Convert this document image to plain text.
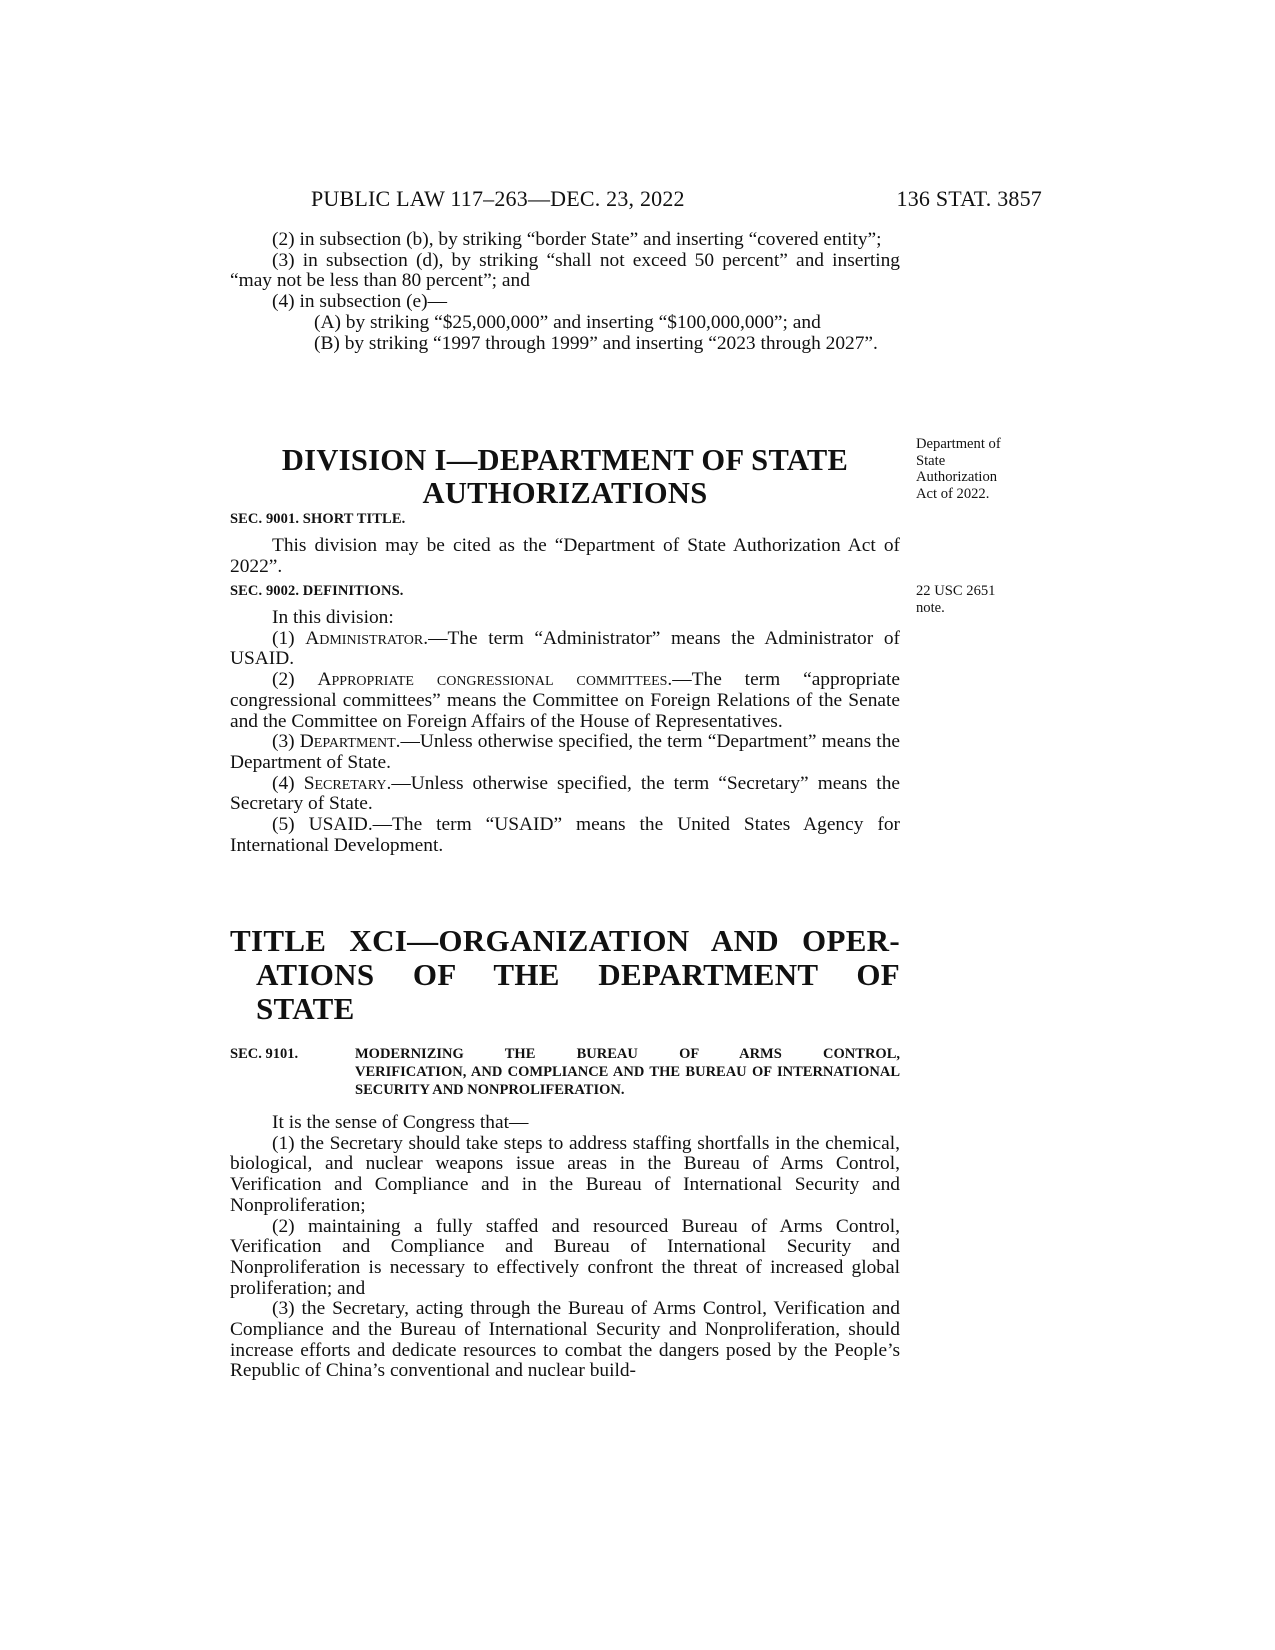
PUBLIC LAW 117–263—DEC. 23, 2022	136 STAT. 3857

(2) in subsection (b), by striking “border State” and inserting “covered entity”;

(3) in subsection (d), by striking “shall not exceed 50 percent” and inserting “may not be less than 80 percent”; and

(4) in subsection (e)—

(A) by striking “$25,000,000” and inserting “$100,000,000”; and

(B) by striking “1997 through 1999” and inserting “2023 through 2027”.

DIVISION I—DEPARTMENT OF STATE
AUTHORIZATIONS
Department of
State
Authorization
Act of 2022.
SEC. 9001. SHORT TITLE.

This division may be cited as the “Department of State Authorization Act of 2022”.

SEC. 9002. DEFINITIONS.	22 USC 2651
note.

In this division:

(1) Administrator.—The term “Administrator” means the Administrator of USAID.

(2) Appropriate congressional committees.—The term “appropriate congressional committees” means the Committee on Foreign Relations of the Senate and the Committee on Foreign Affairs of the House of Representatives.

(3) Department.—Unless otherwise specified, the term “Department” means the Department of State.

(4) Secretary.—Unless otherwise specified, the term “Secretary” means the Secretary of State.

(5) USAID.—The term “USAID” means the United States Agency for International Development.

TITLE XCI—ORGANIZATION AND OPER-
ATIONS OF THE DEPARTMENT OF
STATE
SEC. 9101.	MODERNIZING THE BUREAU OF ARMS CONTROL,
VERIFICATION, AND COMPLIANCE AND THE BUREAU OF INTERNATIONAL SECURITY AND NONPROLIFERATION.

It is the sense of Congress that—

(1) the Secretary should take steps to address staffing shortfalls in the chemical, biological, and nuclear weapons issue areas in the Bureau of Arms Control, Verification and Compliance and in the Bureau of International Security and Nonproliferation;

(2) maintaining a fully staffed and resourced Bureau of Arms Control, Verification and Compliance and Bureau of International Security and Nonproliferation is necessary to effectively confront the threat of increased global proliferation; and

(3) the Secretary, acting through the Bureau of Arms Control, Verification and Compliance and the Bureau of International Security and Nonproliferation, should increase efforts and dedicate resources to combat the dangers posed by the People’s Republic of China’s conventional and nuclear build-
